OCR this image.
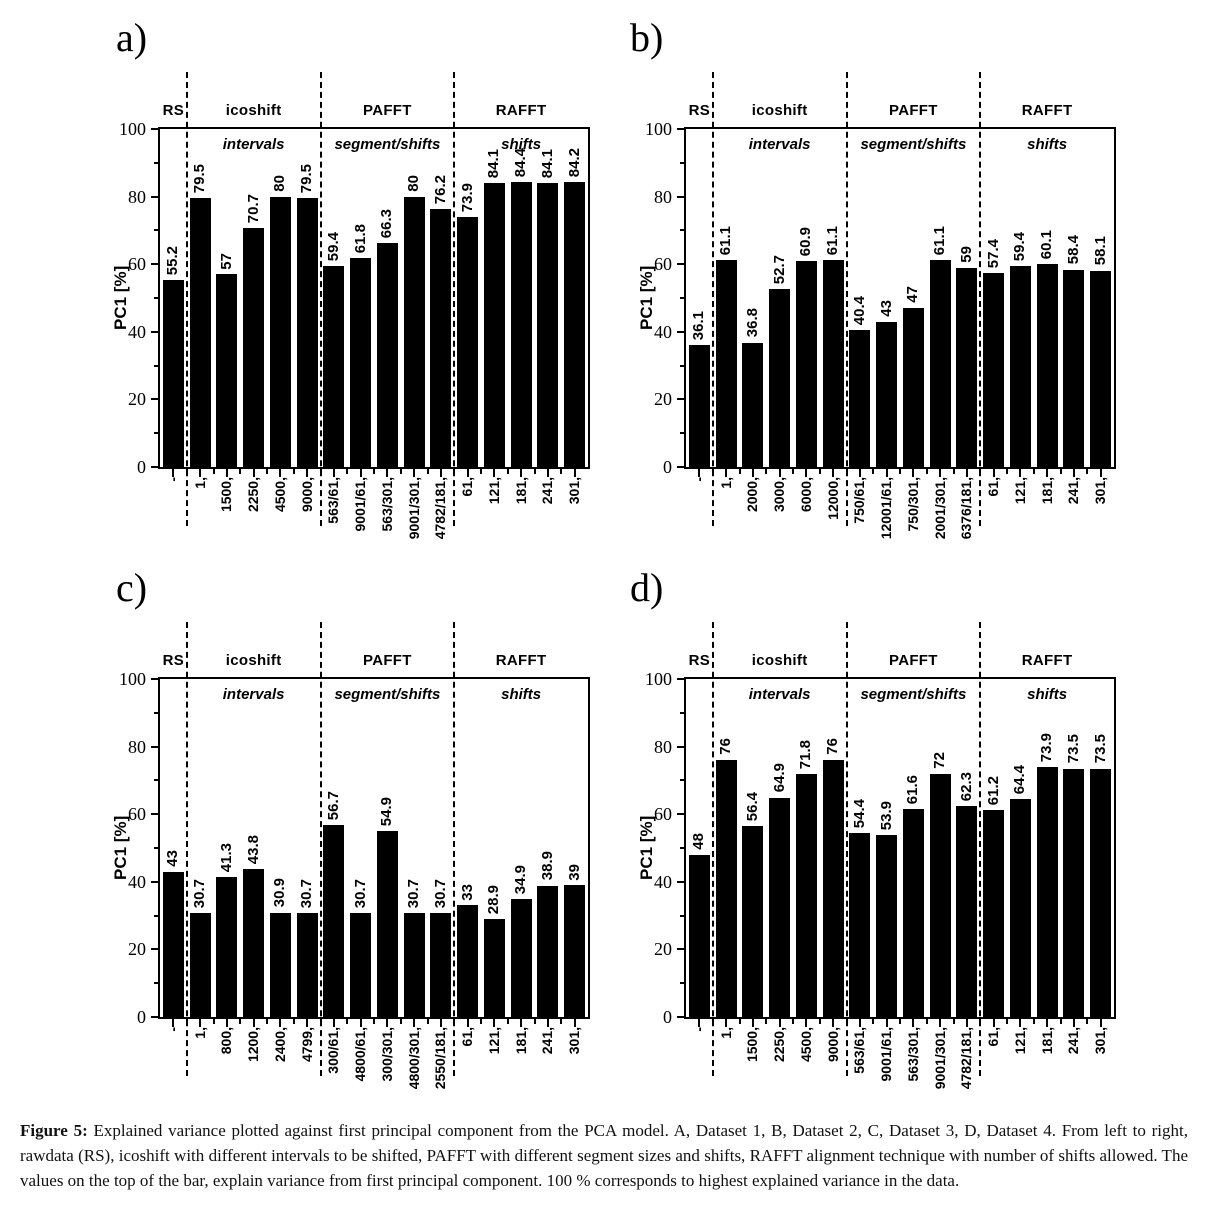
a)
PC1 [%]
0
20
40
60
80
100
55.2
-
79.5
1,
57
1500,
70.7
2250,
80
4500,
79.5
9000,
59.4
563/61,
61.8
9001/61,
66.3
563/301,
80
9001/301,
76.2
4782/181,
73.9
61,
84.1
121,
84.4
181,
84.1
241,
84.2
301,
RS	icoshift
intervals
PAFFT
segment/shifts
RAFFT
shifts
b)
PC1 [%]
0
20
40
60
80
100
36.1
-
61.1
1,
36.8
2000,
52.7
3000,
60.9
6000,
61.1
12000,
40.4
750/61,
43
12001/61,
47
750/301,
61.1
2001/301,
59
6376/181,
57.4
61,
59.4
121,
60.1
181,
58.4
241,
58.1
301,
RS	icoshift
intervals
PAFFT
segment/shifts
RAFFT
shifts
c)
PC1 [%]
0
20
40
60
80
100
43
-
30.7
1,
41.3
800,
43.8
1200,
30.9
2400,
30.7
4799,
56.7
300/61,
30.7
4800/61,
54.9
300/301,
30.7
4800/301,
30.7
2550/181,
33
61,
28.9
121,
34.9
181,
38.9
241,
39
301,
RS	icoshift
intervals
PAFFT
segment/shifts
RAFFT
shifts
d)
PC1 [%]
0
20
40
60
80
100
48
-
76
1,
56.4
1500,
64.9
2250,
71.8
4500,
76
9000,
54.4
563/61,
53.9
9001/61,
61.6
563/301,
72
9001/301,
62.3
4782/181,
61.2
61,
64.4
121,
73.9
181,
73.5
241,
73.5
301,
RS	icoshift
intervals
PAFFT
segment/shifts
RAFFT
shifts
Figure 5: Explained variance plotted against first principal component from the PCA model. A, Dataset 1, B, Dataset 2, C, Dataset 3, D, Dataset 4. From left to right, rawdata (RS), icoshift with different intervals to be shifted, PAFFT with different segment sizes and shifts, RAFFT alignment technique with number of shifts allowed. The values on the top of the bar, explain variance from first principal component. 100 % corresponds to highest explained variance in the data.
